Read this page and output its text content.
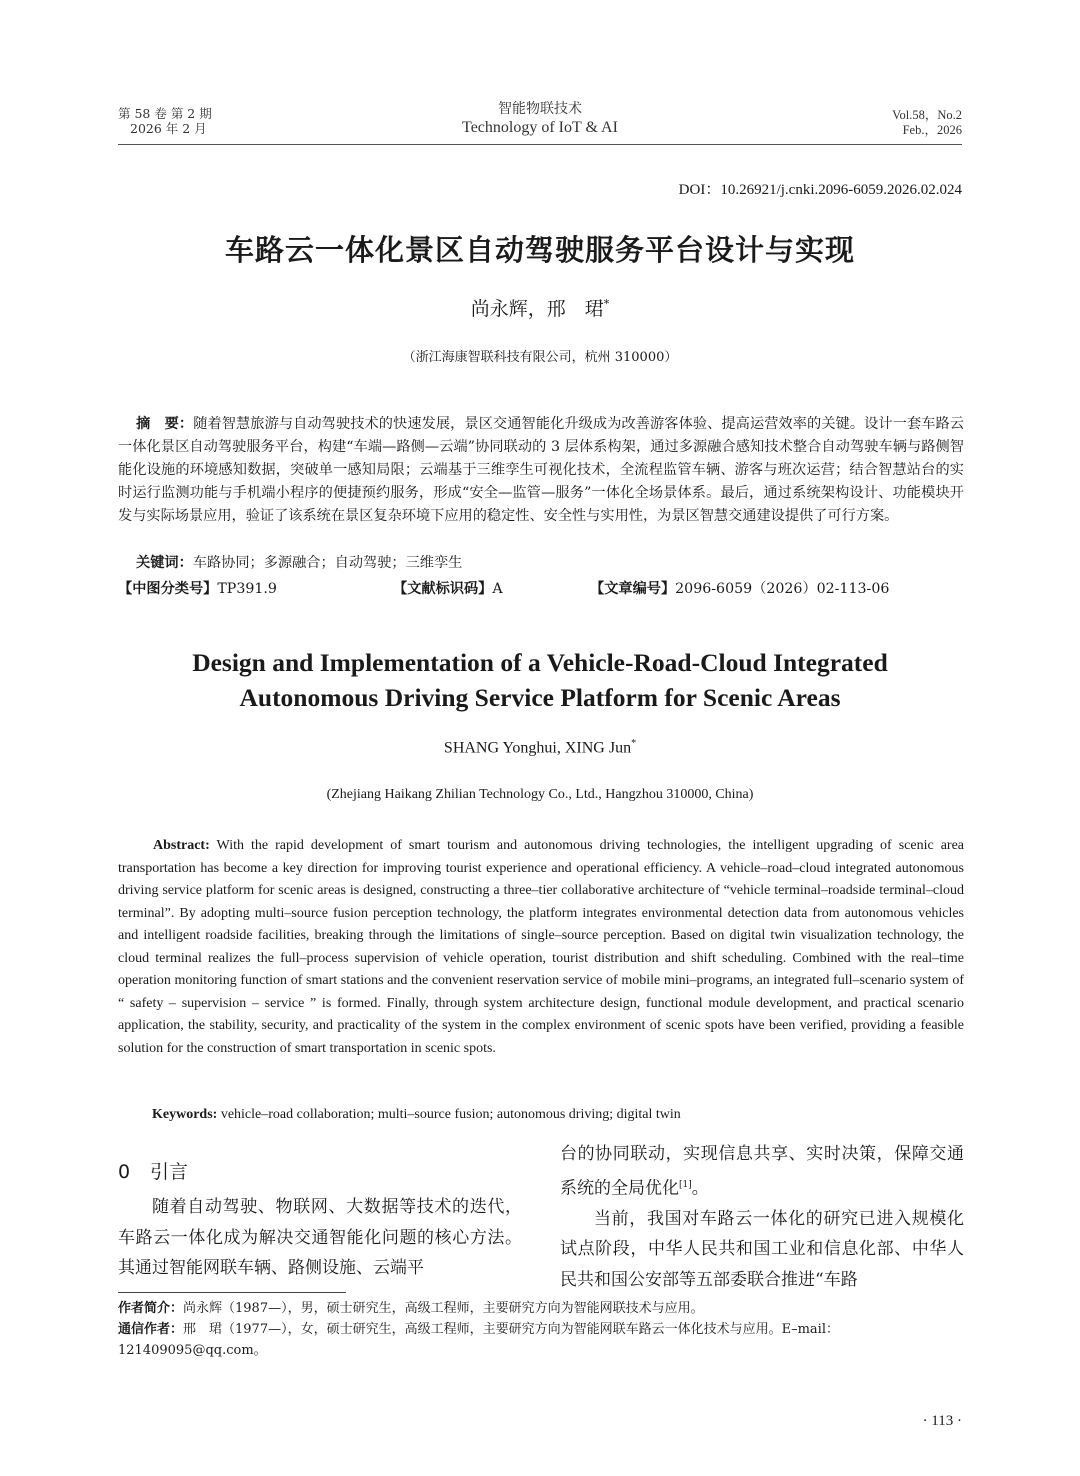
第 58 卷 第 2 期
2026 年 2 月
智能物联技术
Technology of IoT & AI
Vol.58，No.2
Feb.，2026
DOI：10.26921/j.cnki.2096-6059.2026.02.024
车路云一体化景区自动驾驶服务平台设计与实现
尚永辉，邢　珺*
（浙江海康智联科技有限公司，杭州 310000）
摘　要：随着智慧旅游与自动驾驶技术的快速发展，景区交通智能化升级成为改善游客体验、提高运营效率的关键。设计一套车路云一体化景区自动驾驶服务平台，构建“车端—路侧—云端”协同联动的 3 层体系构架，通过多源融合感知技术整合自动驾驶车辆与路侧智能化设施的环境感知数据，突破单一感知局限；云端基于三维孪生可视化技术，全流程监管车辆、游客与班次运营；结合智慧站台的实时运行监测功能与手机端小程序的便捷预约服务，形成“安全—监管—服务”一体化全场景体系。最后，通过系统架构设计、功能模块开发与实际场景应用，验证了该系统在景区复杂环境下应用的稳定性、安全性与实用性，为景区智慧交通建设提供了可行方案。
关键词：车路协同；多源融合；自动驾驶；三维孪生
【中图分类号】TP391.9	【文献标识码】A	【文章编号】2096-6059（2026）02-113-06
Design and Implementation of a Vehicle-Road-Cloud Integrated
Autonomous Driving Service Platform for Scenic Areas
SHANG Yonghui, XING Jun*
(Zhejiang Haikang Zhilian Technology Co., Ltd., Hangzhou 310000, China)
Abstract: With the rapid development of smart tourism and autonomous driving technologies, the intelligent upgrading of scenic area transportation has become a key direction for improving tourist experience and operational efficiency. A vehicle–road–cloud integrated autonomous driving service platform for scenic areas is designed, constructing a three–tier collaborative architecture of “vehicle terminal–roadside terminal–cloud terminal”. By adopting multi–source fusion perception technology, the platform integrates environmental detection data from autonomous vehicles and intelligent roadside facilities, breaking through the limitations of single–source perception. Based on digital twin visualization technology, the cloud terminal realizes the full–process supervision of vehicle operation, tourist distribution and shift scheduling. Combined with the real–time operation monitoring function of smart stations and the convenient reservation service of mobile mini–programs, an integrated full–scenario system of “ safety – supervision – service ” is formed. Finally, through system architecture design, functional module development, and practical scenario application, the stability, security, and practicality of the system in the complex environment of scenic spots have been verified, providing a feasible solution for the construction of smart transportation in scenic spots.
Keywords: vehicle–road collaboration; multi–source fusion; autonomous driving; digital twin
0 引言

随着自动驾驶、物联网、大数据等技术的迭代，车路云一体化成为解决交通智能化问题的核心方法。其通过智能网联车辆、路侧设施、云端平

台的协同联动，实现信息共享、实时决策，保障交通系统的全局优化[1]。

当前，我国对车路云一体化的研究已进入规模化试点阶段，中华人民共和国工业和信息化部、中华人民共和国公安部等五部委联合推进“车路

作者简介：尚永辉（1987—），男，硕士研究生，高级工程师，主要研究方向为智能网联技术与应用。
通信作者：邢　珺（1977—），女，硕士研究生，高级工程师，主要研究方向为智能网联车路云一体化技术与应用。E–mail：121409095@qq.com。
· 113 ·
